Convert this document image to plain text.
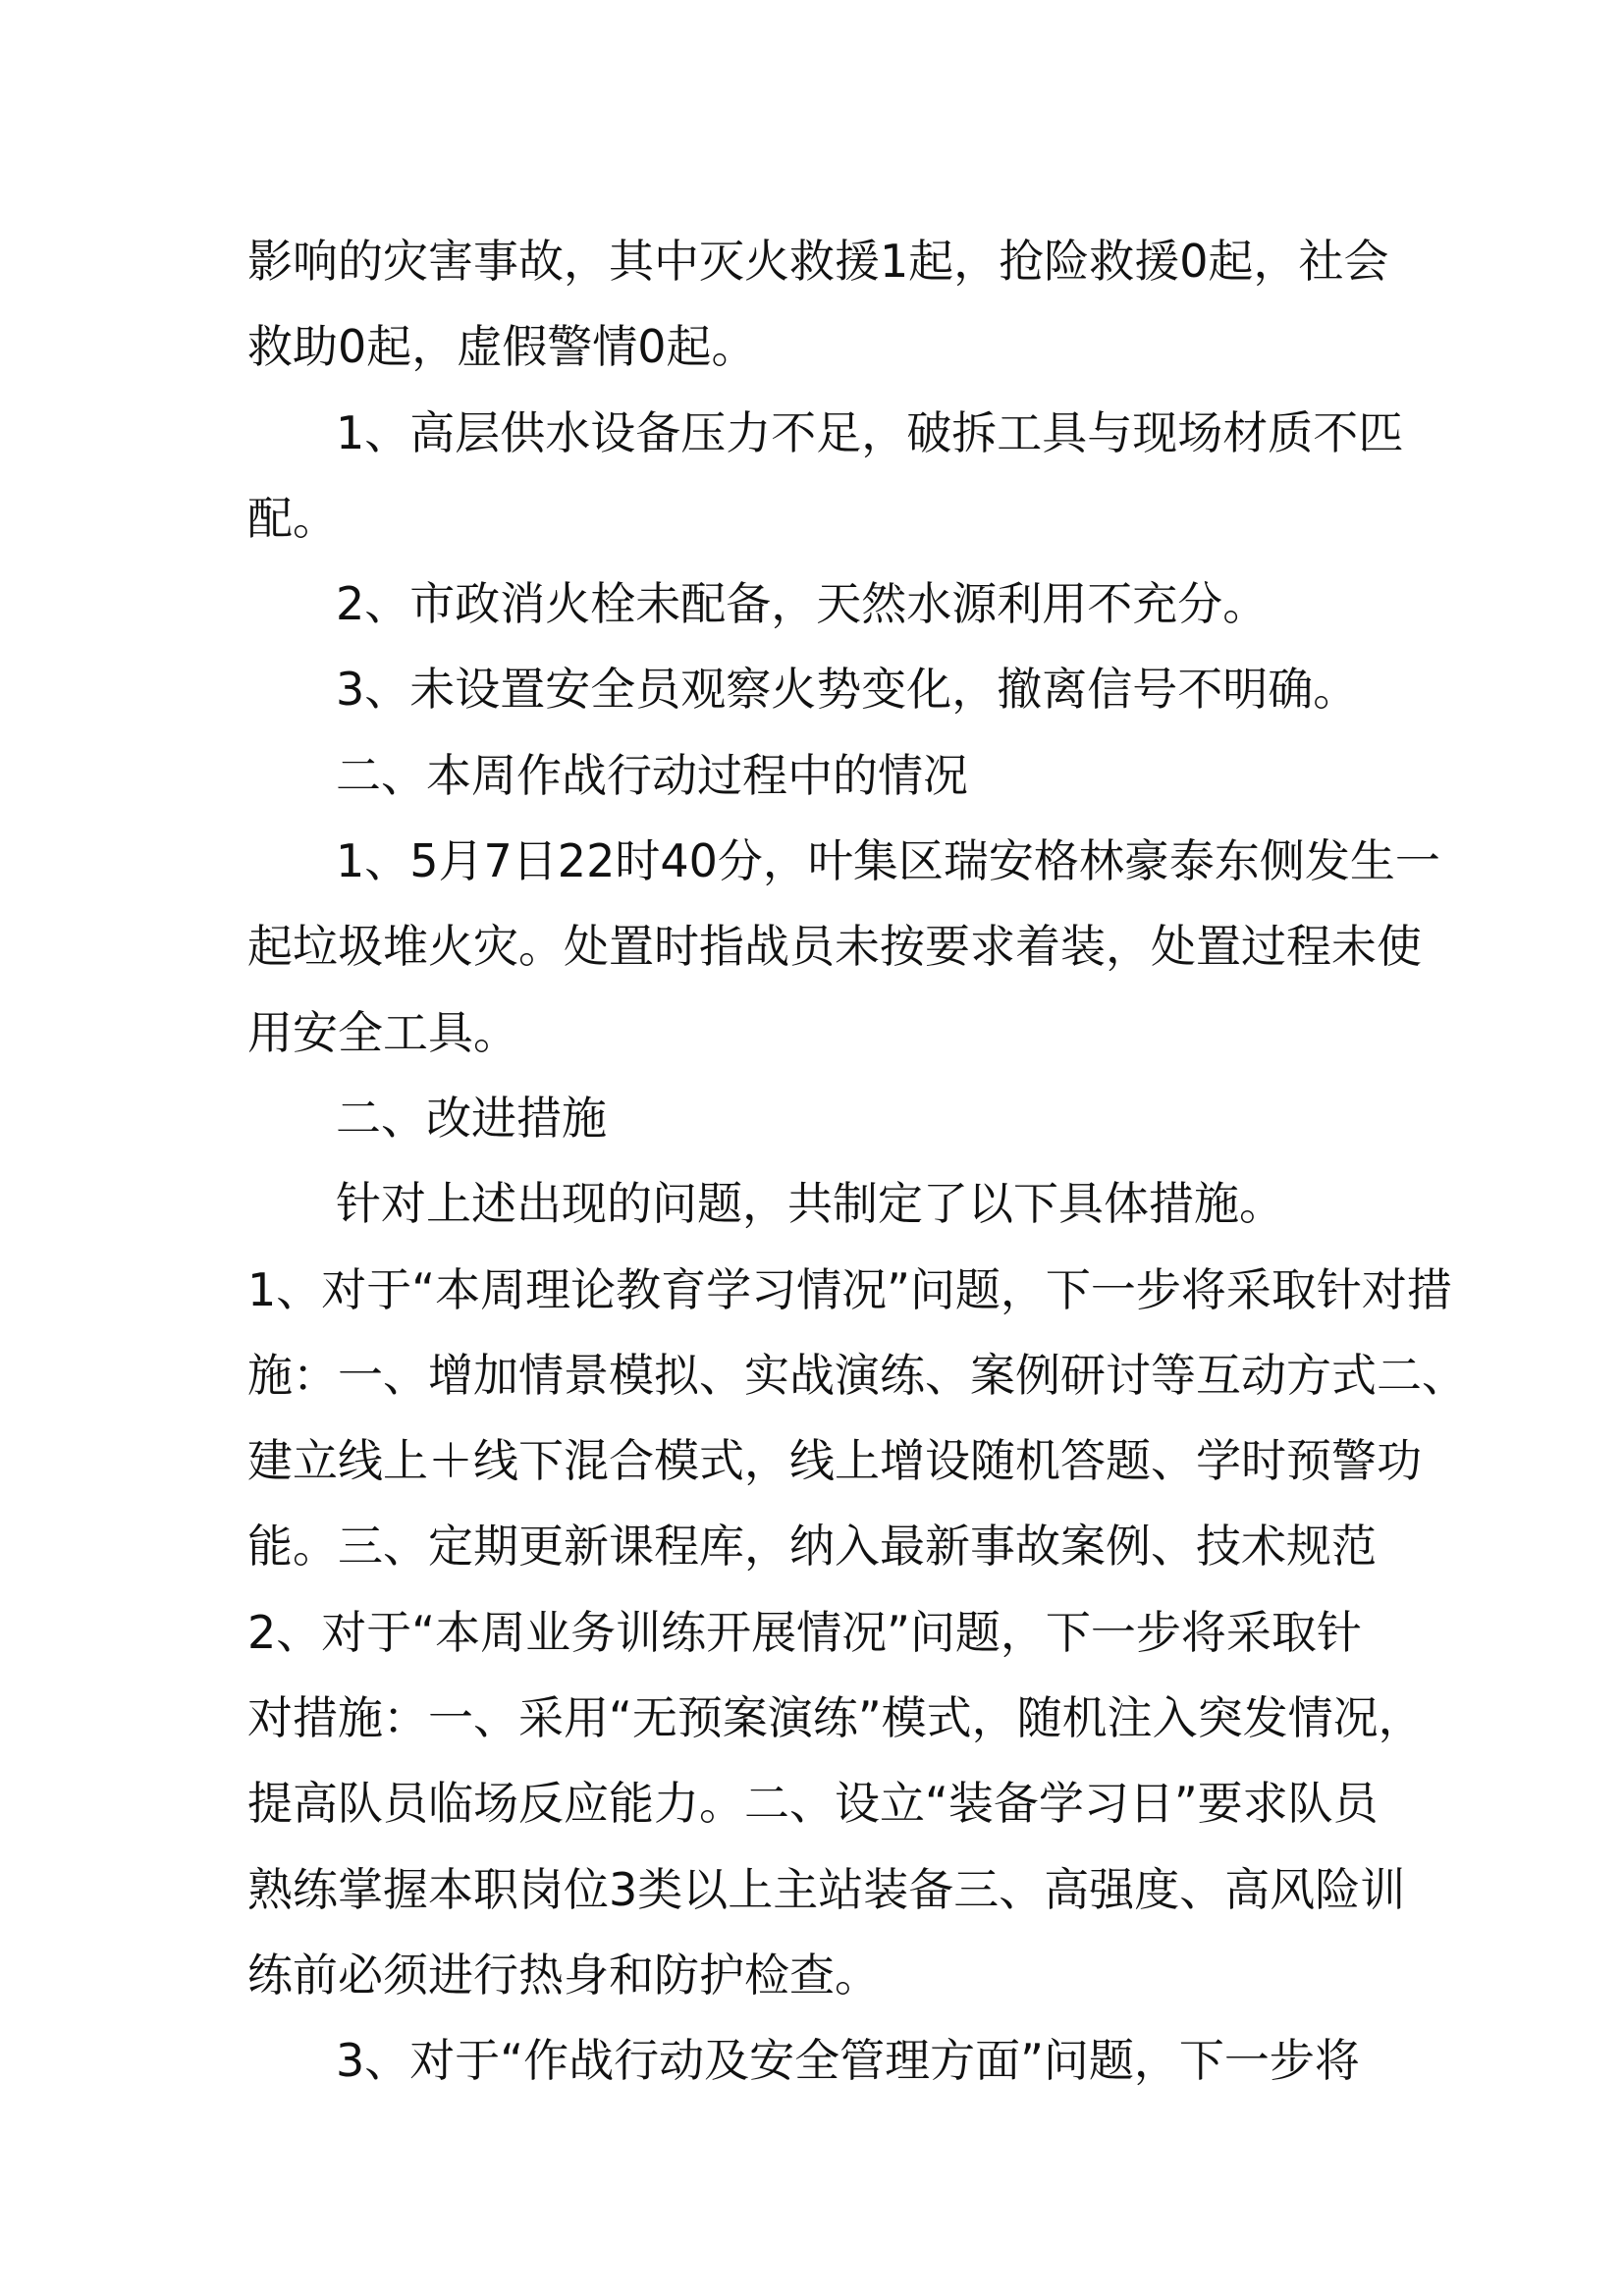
影响的灾害事故，其中灭火救援1起，抢险救援0起，社会
救助0起，虚假警情0起。
1、高层供水设备压力不足，破拆工具与现场材质不匹
配。
2、市政消火栓未配备，天然水源利用不充分。
3、未设置安全员观察火势变化，撤离信号不明确。
二、本周作战行动过程中的情况
1、5月7日22时40分，叶集区瑞安格林豪泰东侧发生一
起垃圾堆火灾。处置时指战员未按要求着装，处置过程未使
用安全工具。
二、改进措施
针对上述出现的问题，共制定了以下具体措施。
1、对于“本周理论教育学习情况”问题，下一步将采取针对措
施：一、增加情景模拟、实战演练、案例研讨等互动方式二、
建立线上＋线下混合模式，线上增设随机答题、学时预警功
能。三、定期更新课程库，纳入最新事故案例、技术规范
2、对于“本周业务训练开展情况”问题，下一步将采取针
对措施：一、采用“无预案演练”模式，随机注入突发情况，
提高队员临场反应能力。二、设立“装备学习日”要求队员
熟练掌握本职岗位3类以上主站装备三、高强度、高风险训
练前必须进行热身和防护检查。
3、对于“作战行动及安全管理方面”问题，下一步将
